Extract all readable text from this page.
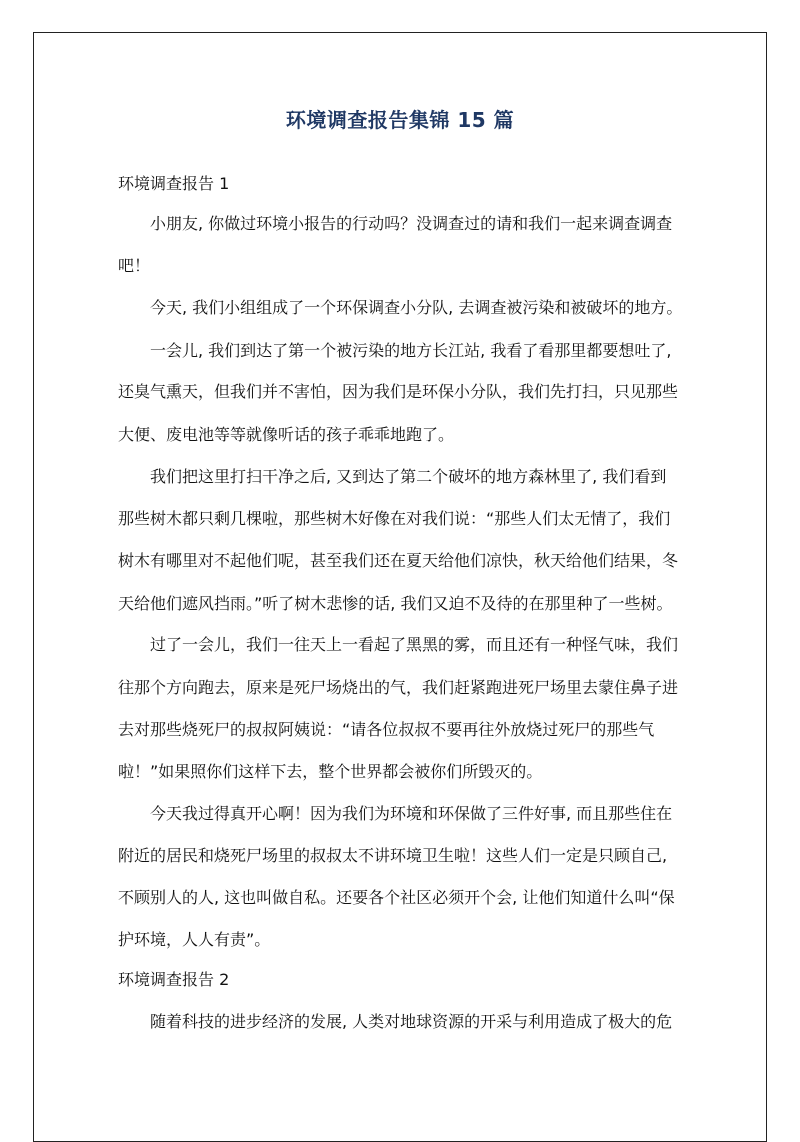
环境调查报告集锦 15 篇
环境调查报告 1
小朋友, 你做过环境小报告的行动吗？没调查过的请和我们一起来调查调查
吧！
今天, 我们小组组成了一个环保调查小分队, 去调查被污染和被破坏的地方。
一会儿, 我们到达了第一个被污染的地方长江站, 我看了看那里都要想吐了,
还臭气熏天，但我们并不害怕，因为我们是环保小分队，我们先打扫，只见那些
大便、废电池等等就像听话的孩子乖乖地跑了。
我们把这里打扫干净之后, 又到达了第二个破坏的地方森林里了, 我们看到
那些树木都只剩几棵啦，那些树木好像在对我们说：“那些人们太无情了，我们
树木有哪里对不起他们呢，甚至我们还在夏天给他们凉快，秋天给他们结果，冬
天给他们遮风挡雨。”听了树木悲惨的话, 我们又迫不及待的在那里种了一些树。
过了一会儿，我们一往天上一看起了黑黑的雾，而且还有一种怪气味，我们
往那个方向跑去，原来是死尸场烧出的气，我们赶紧跑进死尸场里去蒙住鼻子进
去对那些烧死尸的叔叔阿姨说：“请各位叔叔不要再往外放烧过死尸的那些气
啦！”如果照你们这样下去，整个世界都会被你们所毁灭的。
今天我过得真开心啊！因为我们为环境和环保做了三件好事, 而且那些住在
附近的居民和烧死尸场里的叔叔太不讲环境卫生啦！这些人们一定是只顾自己,
不顾别人的人, 这也叫做自私。还要各个社区必须开个会, 让他们知道什么叫“保
护环境，人人有责”。
环境调查报告 2
随着科技的进步经济的发展, 人类对地球资源的开采与利用造成了极大的危
